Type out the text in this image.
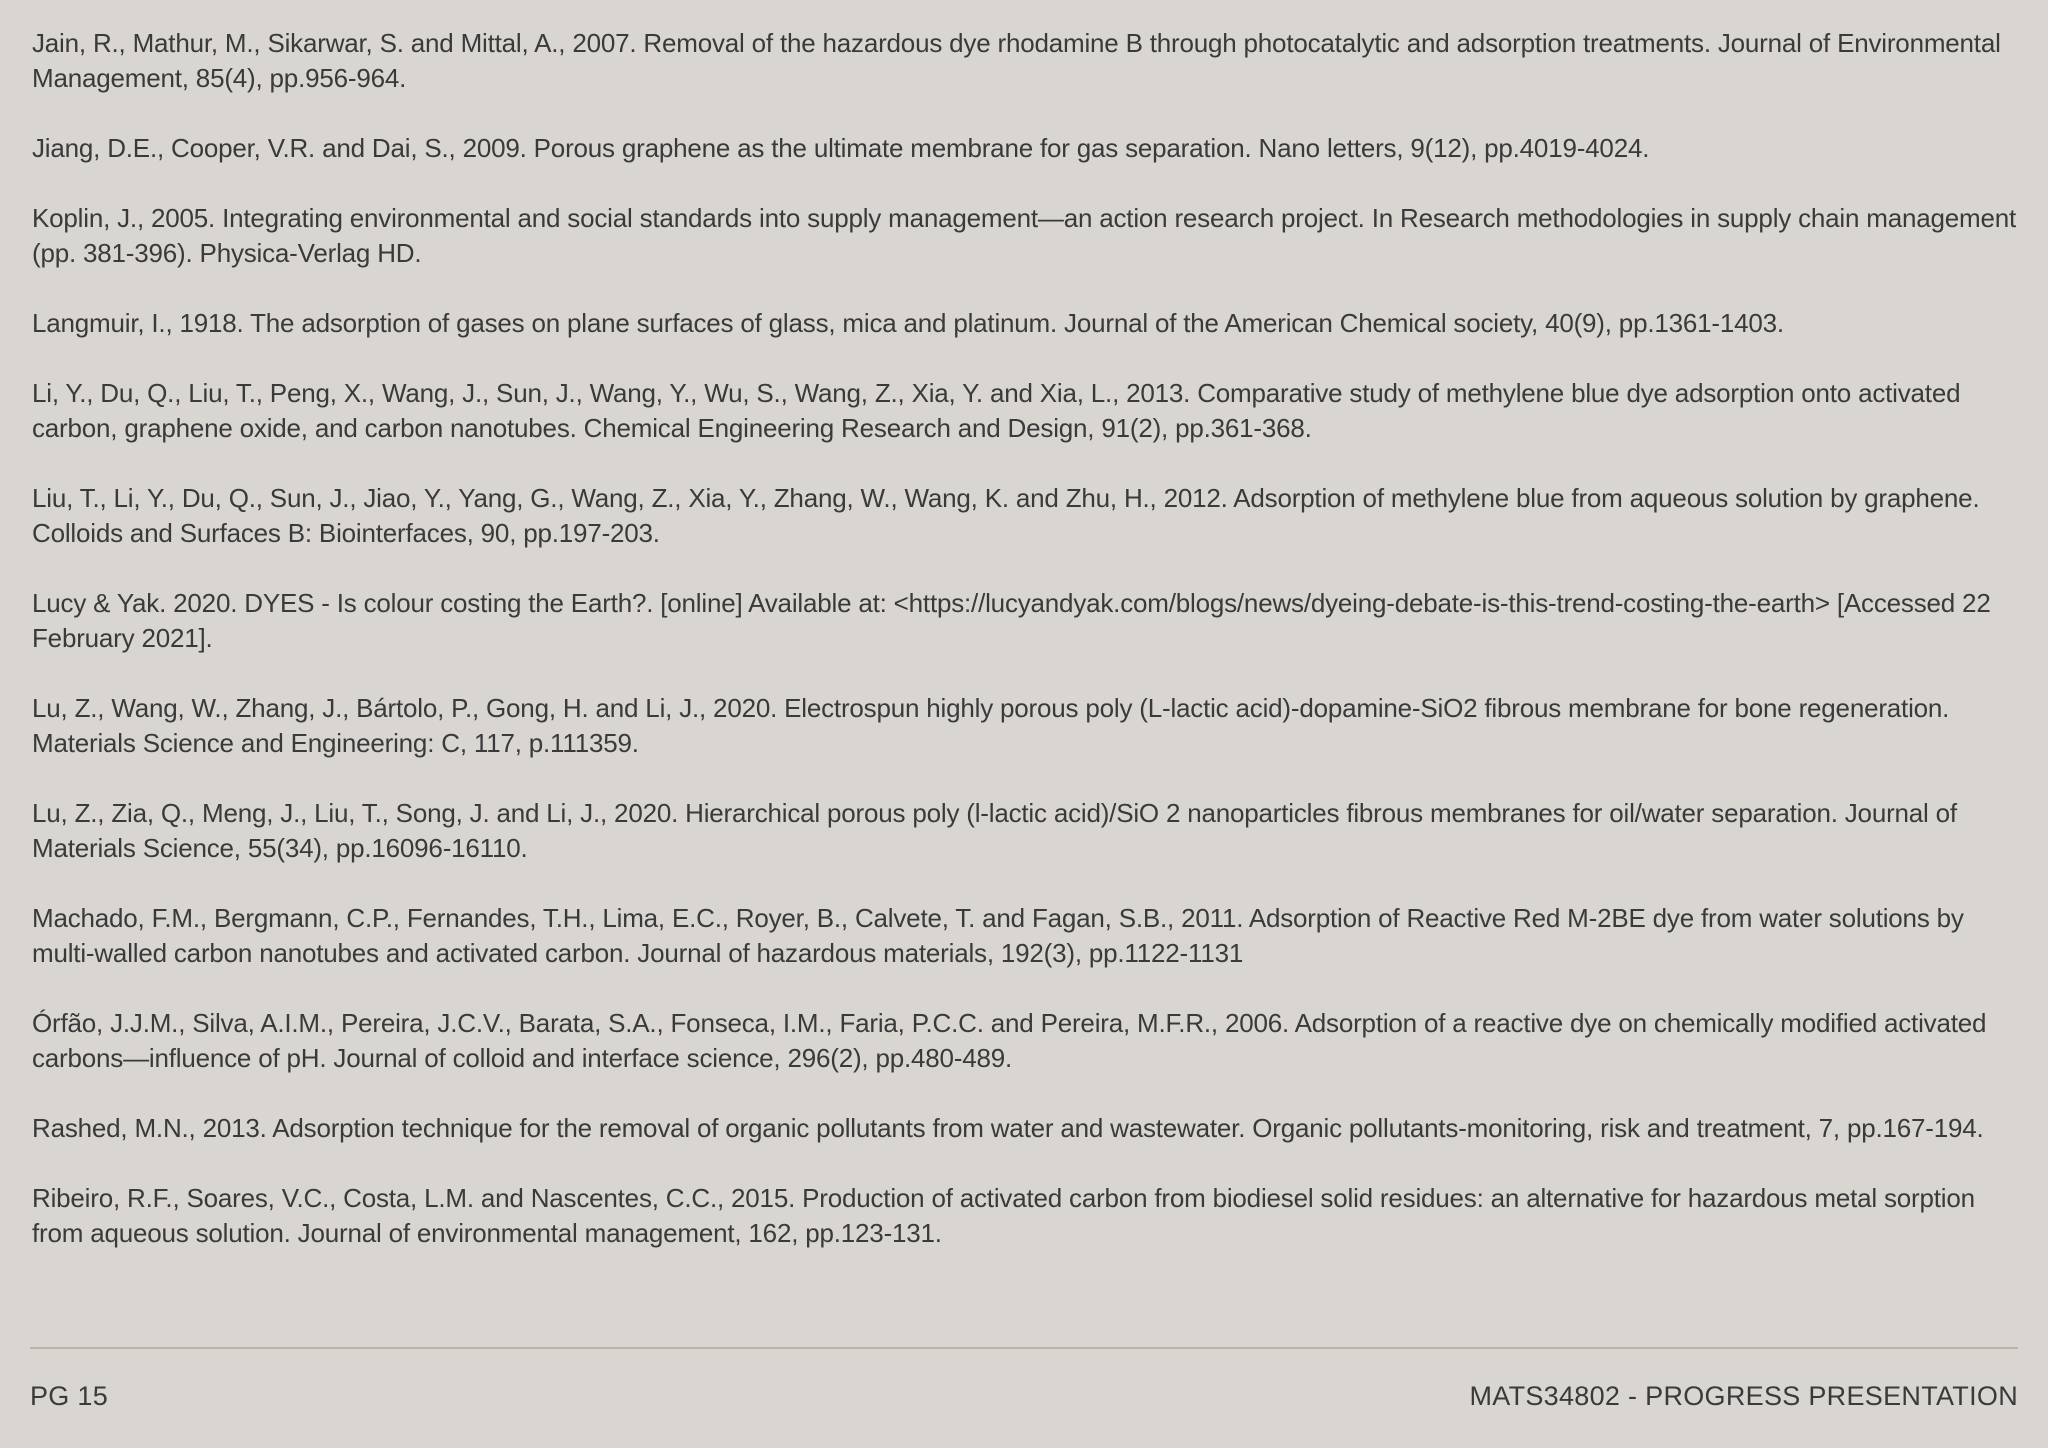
Jain, R., Mathur, M., Sikarwar, S. and Mittal, A., 2007. Removal of the hazardous dye rhodamine B through photocatalytic and adsorption treatments. Journal of Environmental Management, 85(4), pp.956-964.

Jiang, D.E., Cooper, V.R. and Dai, S., 2009. Porous graphene as the ultimate membrane for gas separation. Nano letters, 9(12), pp.4019-4024.

Koplin, J., 2005. Integrating environmental and social standards into supply management—an action research project. In Research methodologies in supply chain management (pp. 381-396). Physica-Verlag HD.

Langmuir, I., 1918. The adsorption of gases on plane surfaces of glass, mica and platinum. Journal of the American Chemical society, 40(9), pp.1361-1403.

Li, Y., Du, Q., Liu, T., Peng, X., Wang, J., Sun, J., Wang, Y., Wu, S., Wang, Z., Xia, Y. and Xia, L., 2013. Comparative study of methylene blue dye adsorption onto activated carbon, graphene oxide, and carbon nanotubes. Chemical Engineering Research and Design, 91(2), pp.361-368.

Liu, T., Li, Y., Du, Q., Sun, J., Jiao, Y., Yang, G., Wang, Z., Xia, Y., Zhang, W., Wang, K. and Zhu, H., 2012. Adsorption of methylene blue from aqueous solution by graphene. Colloids and Surfaces B: Biointerfaces, 90, pp.197-203.

Lucy & Yak. 2020. DYES - Is colour costing the Earth?. [online] Available at: <https://lucyandyak.com/blogs/news/dyeing-debate-is-this-trend-costing-the-earth> [Accessed 22 February 2021].

Lu, Z., Wang, W., Zhang, J., Bártolo, P., Gong, H. and Li, J., 2020. Electrospun highly porous poly (L-lactic acid)-dopamine-SiO2 fibrous membrane for bone regeneration. Materials Science and Engineering: C, 117, p.111359.

Lu, Z., Zia, Q., Meng, J., Liu, T., Song, J. and Li, J., 2020. Hierarchical porous poly (l-lactic acid)/SiO 2 nanoparticles fibrous membranes for oil/water separation. Journal of Materials Science, 55(34), pp.16096-16110.

Machado, F.M., Bergmann, C.P., Fernandes, T.H., Lima, E.C., Royer, B., Calvete, T. and Fagan, S.B., 2011. Adsorption of Reactive Red M-2BE dye from water solutions by multi-walled carbon nanotubes and activated carbon. Journal of hazardous materials, 192(3), pp.1122-1131

Órfão, J.J.M., Silva, A.I.M., Pereira, J.C.V., Barata, S.A., Fonseca, I.M., Faria, P.C.C. and Pereira, M.F.R., 2006. Adsorption of a reactive dye on chemically modified activated carbons—influence of pH. Journal of colloid and interface science, 296(2), pp.480-489.

Rashed, M.N., 2013. Adsorption technique for the removal of organic pollutants from water and wastewater. Organic pollutants-monitoring, risk and treatment, 7, pp.167-194.

Ribeiro, R.F., Soares, V.C., Costa, L.M. and Nascentes, C.C., 2015. Production of activated carbon from biodiesel solid residues: an alternative for hazardous metal sorption from aqueous solution. Journal of environmental management, 162, pp.123-131.

PG 15	MATS34802 - PROGRESS PRESENTATION
